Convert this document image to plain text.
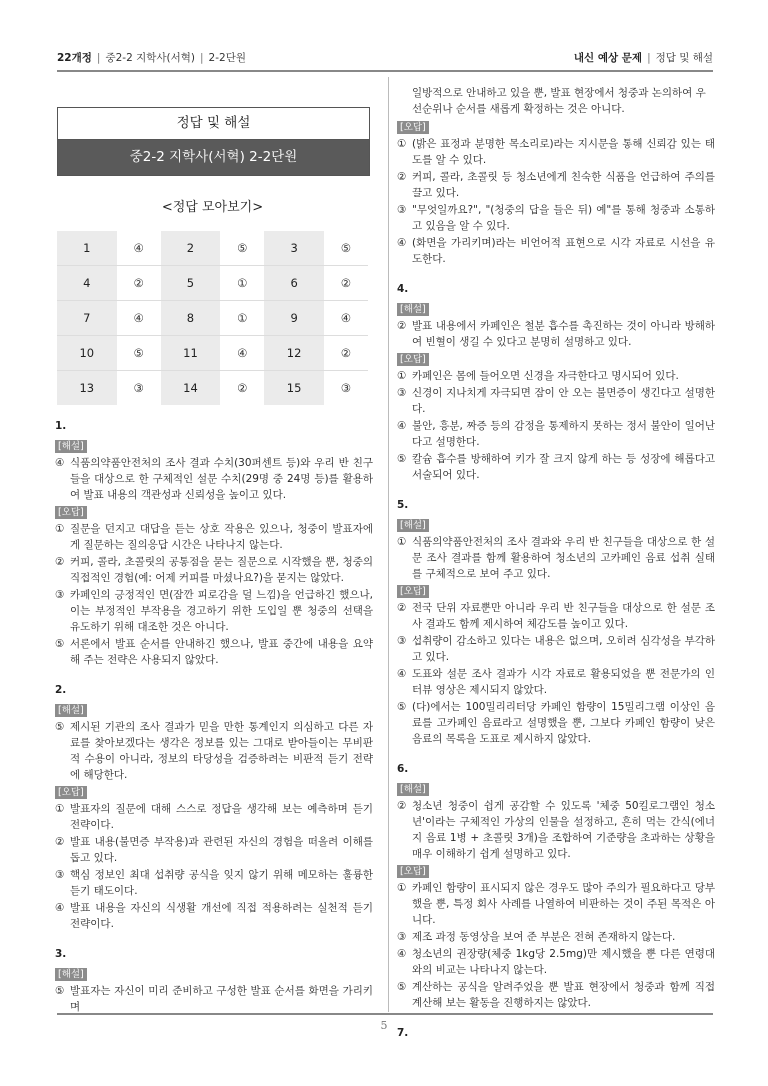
22개정 | 중2-2 지학사(서혁) | 2-2단원	내신 예상 문제 | 정답 및 해설
정답 및 해설
중2-2 지학사(서혁) 2-2단원
<정답 모아보기>
1	④	2	⑤	3	⑤
4	②	5	①	6	②
7	④	8	①	9	④
10	⑤	11	④	12	②
13	③	14	②	15	③
1.
[해설]
④ 식품의약품안전처의 조사 결과 수치(30퍼센트 등)와 우리 반 친구들을 대상으로 한 구체적인 설문 수치(29명 중 24명 등)를 활용하여 발표 내용의 객관성과 신뢰성을 높이고 있다.
[오답]
① 질문을 던지고 대답을 듣는 상호 작용은 있으나, 청중이 발표자에게 질문하는 질의응답 시간은 나타나지 않는다.
② 커피, 콜라, 초콜릿의 공통점을 묻는 질문으로 시작했을 뿐, 청중의 직접적인 경험(예: 어제 커피를 마셨나요?)을 묻지는 않았다.
③ 카페인의 긍정적인 면(잠깐 피로감을 덜 느낌)을 언급하긴 했으나, 이는 부정적인 부작용을 경고하기 위한 도입일 뿐 청중의 선택을 유도하기 위해 대조한 것은 아니다.
⑤ 서론에서 발표 순서를 안내하긴 했으나, 발표 중간에 내용을 요약해 주는 전략은 사용되지 않았다.
2.
[해설]
⑤ 제시된 기관의 조사 결과가 믿을 만한 통계인지 의심하고 다른 자료를 찾아보겠다는 생각은 정보를 있는 그대로 받아들이는 무비판적 수용이 아니라, 정보의 타당성을 검증하려는 비판적 듣기 전략에 해당한다.
[오답]
① 발표자의 질문에 대해 스스로 정답을 생각해 보는 예측하며 듣기 전략이다.
② 발표 내용(불면증 부작용)과 관련된 자신의 경험을 떠올려 이해를 돕고 있다.
③ 핵심 정보인 최대 섭취량 공식을 잊지 않기 위해 메모하는 훌륭한 듣기 태도이다.
④ 발표 내용을 자신의 식생활 개선에 직접 적용하려는 실천적 듣기 전략이다.
3.
[해설]
⑤ 발표자는 자신이 미리 준비하고 구성한 발표 순서를 화면을 가리키며
일방적으로 안내하고 있을 뿐, 발표 현장에서 청중과 논의하여 우선순위나 순서를 새롭게 확정하는 것은 아니다.
[오답]
① (밝은 표정과 분명한 목소리로)라는 지시문을 통해 신뢰감 있는 태도를 알 수 있다.
② 커피, 콜라, 초콜릿 등 청소년에게 친숙한 식품을 언급하여 주의를 끌고 있다.
③ "무엇일까요?", "(청중의 답을 들은 뒤) 예"를 통해 청중과 소통하고 있음을 알 수 있다.
④ (화면을 가리키며)라는 비언어적 표현으로 시각 자료로 시선을 유도한다.
4.
[해설]
② 발표 내용에서 카페인은 철분 흡수를 촉진하는 것이 아니라 방해하여 빈혈이 생길 수 있다고 분명히 설명하고 있다.
[오답]
① 카페인은 몸에 들어오면 신경을 자극한다고 명시되어 있다.
③ 신경이 지나치게 자극되면 잠이 안 오는 불면증이 생긴다고 설명한다.
④ 불안, 흥분, 짜증 등의 감정을 통제하지 못하는 정서 불안이 일어난다고 설명한다.
⑤ 칼슘 흡수를 방해하여 키가 잘 크지 않게 하는 등 성장에 해롭다고 서술되어 있다.
5.
[해설]
① 식품의약품안전처의 조사 결과와 우리 반 친구들을 대상으로 한 설문 조사 결과를 함께 활용하여 청소년의 고카페인 음료 섭취 실태를 구체적으로 보여 주고 있다.
[오답]
② 전국 단위 자료뿐만 아니라 우리 반 친구들을 대상으로 한 설문 조사 결과도 함께 제시하여 체감도를 높이고 있다.
③ 섭취량이 감소하고 있다는 내용은 없으며, 오히려 심각성을 부각하고 있다.
④ 도표와 설문 조사 결과가 시각 자료로 활용되었을 뿐 전문가의 인터뷰 영상은 제시되지 않았다.
⑤ (다)에서는 100밀리리터당 카페인 함량이 15밀리그램 이상인 음료를 고카페인 음료라고 설명했을 뿐, 그보다 카페인 함량이 낮은 음료의 목록을 도표로 제시하지 않았다.
6.
[해설]
② 청소년 청중이 쉽게 공감할 수 있도록 '체중 50킬로그램인 청소년'이라는 구체적인 가상의 인물을 설정하고, 흔히 먹는 간식(에너지 음료 1병 + 초콜릿 3개)을 조합하여 기준량을 초과하는 상황을 매우 이해하기 쉽게 설명하고 있다.
[오답]
① 카페인 함량이 표시되지 않은 경우도 많아 주의가 필요하다고 당부했을 뿐, 특정 회사 사례를 나열하여 비판하는 것이 주된 목적은 아니다.
③ 제조 과정 동영상을 보여 준 부분은 전혀 존재하지 않는다.
④ 청소년의 권장량(체중 1kg당 2.5mg)만 제시했을 뿐 다른 연령대와의 비교는 나타나지 않는다.
⑤ 계산하는 공식을 알려주었을 뿐 발표 현장에서 청중과 함께 직접 계산해 보는 활동을 진행하지는 않았다.
7.
5
